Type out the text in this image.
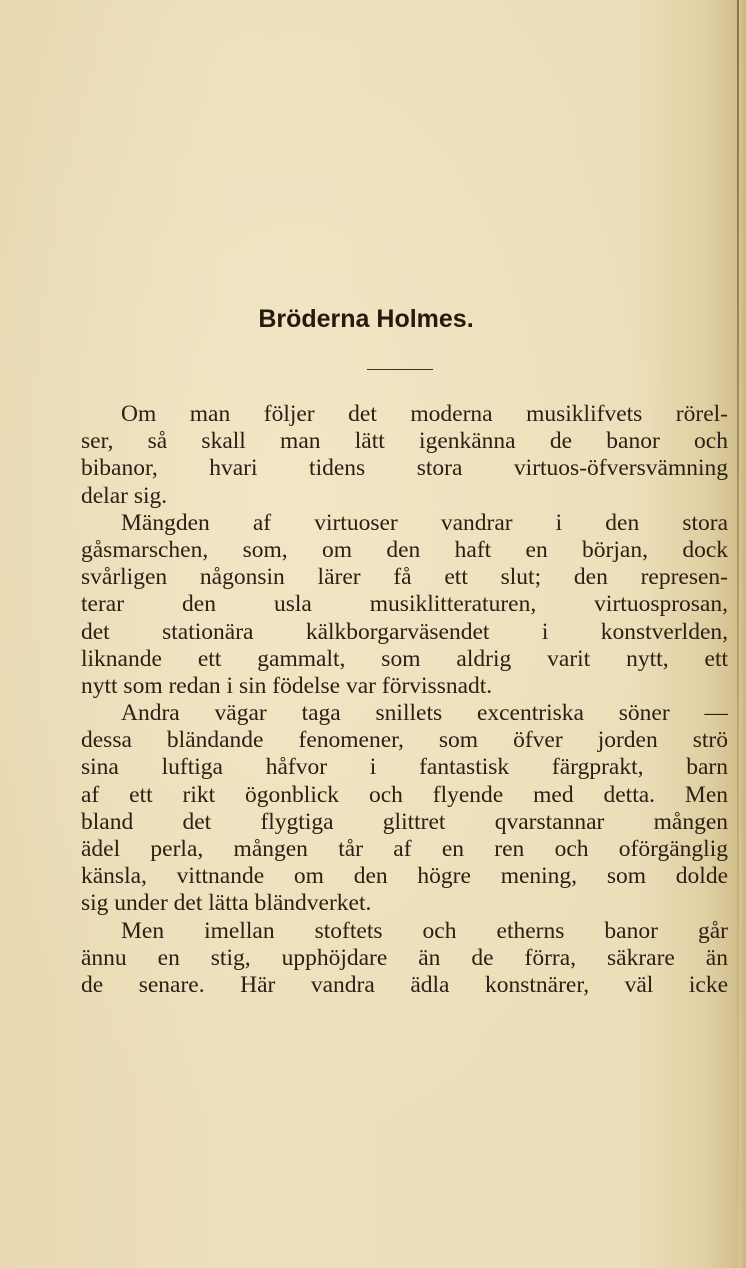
Bröderna Holmes.
Om man följer det moderna musiklifvets rörel-
ser, så skall man lätt igenkänna de banor och
bibanor, hvari tidens stora virtuos-öfversvämning
delar sig.
Mängden af virtuoser vandrar i den stora
gåsmarschen, som, om den haft en början, dock
svårligen någonsin lärer få ett slut; den represen-
terar den usla musiklitteraturen, virtuosprosan,
det stationära kälkborgarväsendet i konstverlden,
liknande ett gammalt, som aldrig varit nytt, ett
nytt som redan i sin födelse var förvissnadt.
Andra vägar taga snillets excentriska söner —
dessa bländande fenomener, som öfver jorden strö
sina luftiga håfvor i fantastisk färgprakt, barn
af ett rikt ögonblick och flyende med detta. Men
bland det flygtiga glittret qvarstannar mången
ädel perla, mången tår af en ren och oförgänglig
känsla, vittnande om den högre mening, som dolde
sig under det lätta bländverket.
Men imellan stoftets och etherns banor går
ännu en stig, upphöjdare än de förra, säkrare än
de senare. Här vandra ädla konstnärer, väl icke
